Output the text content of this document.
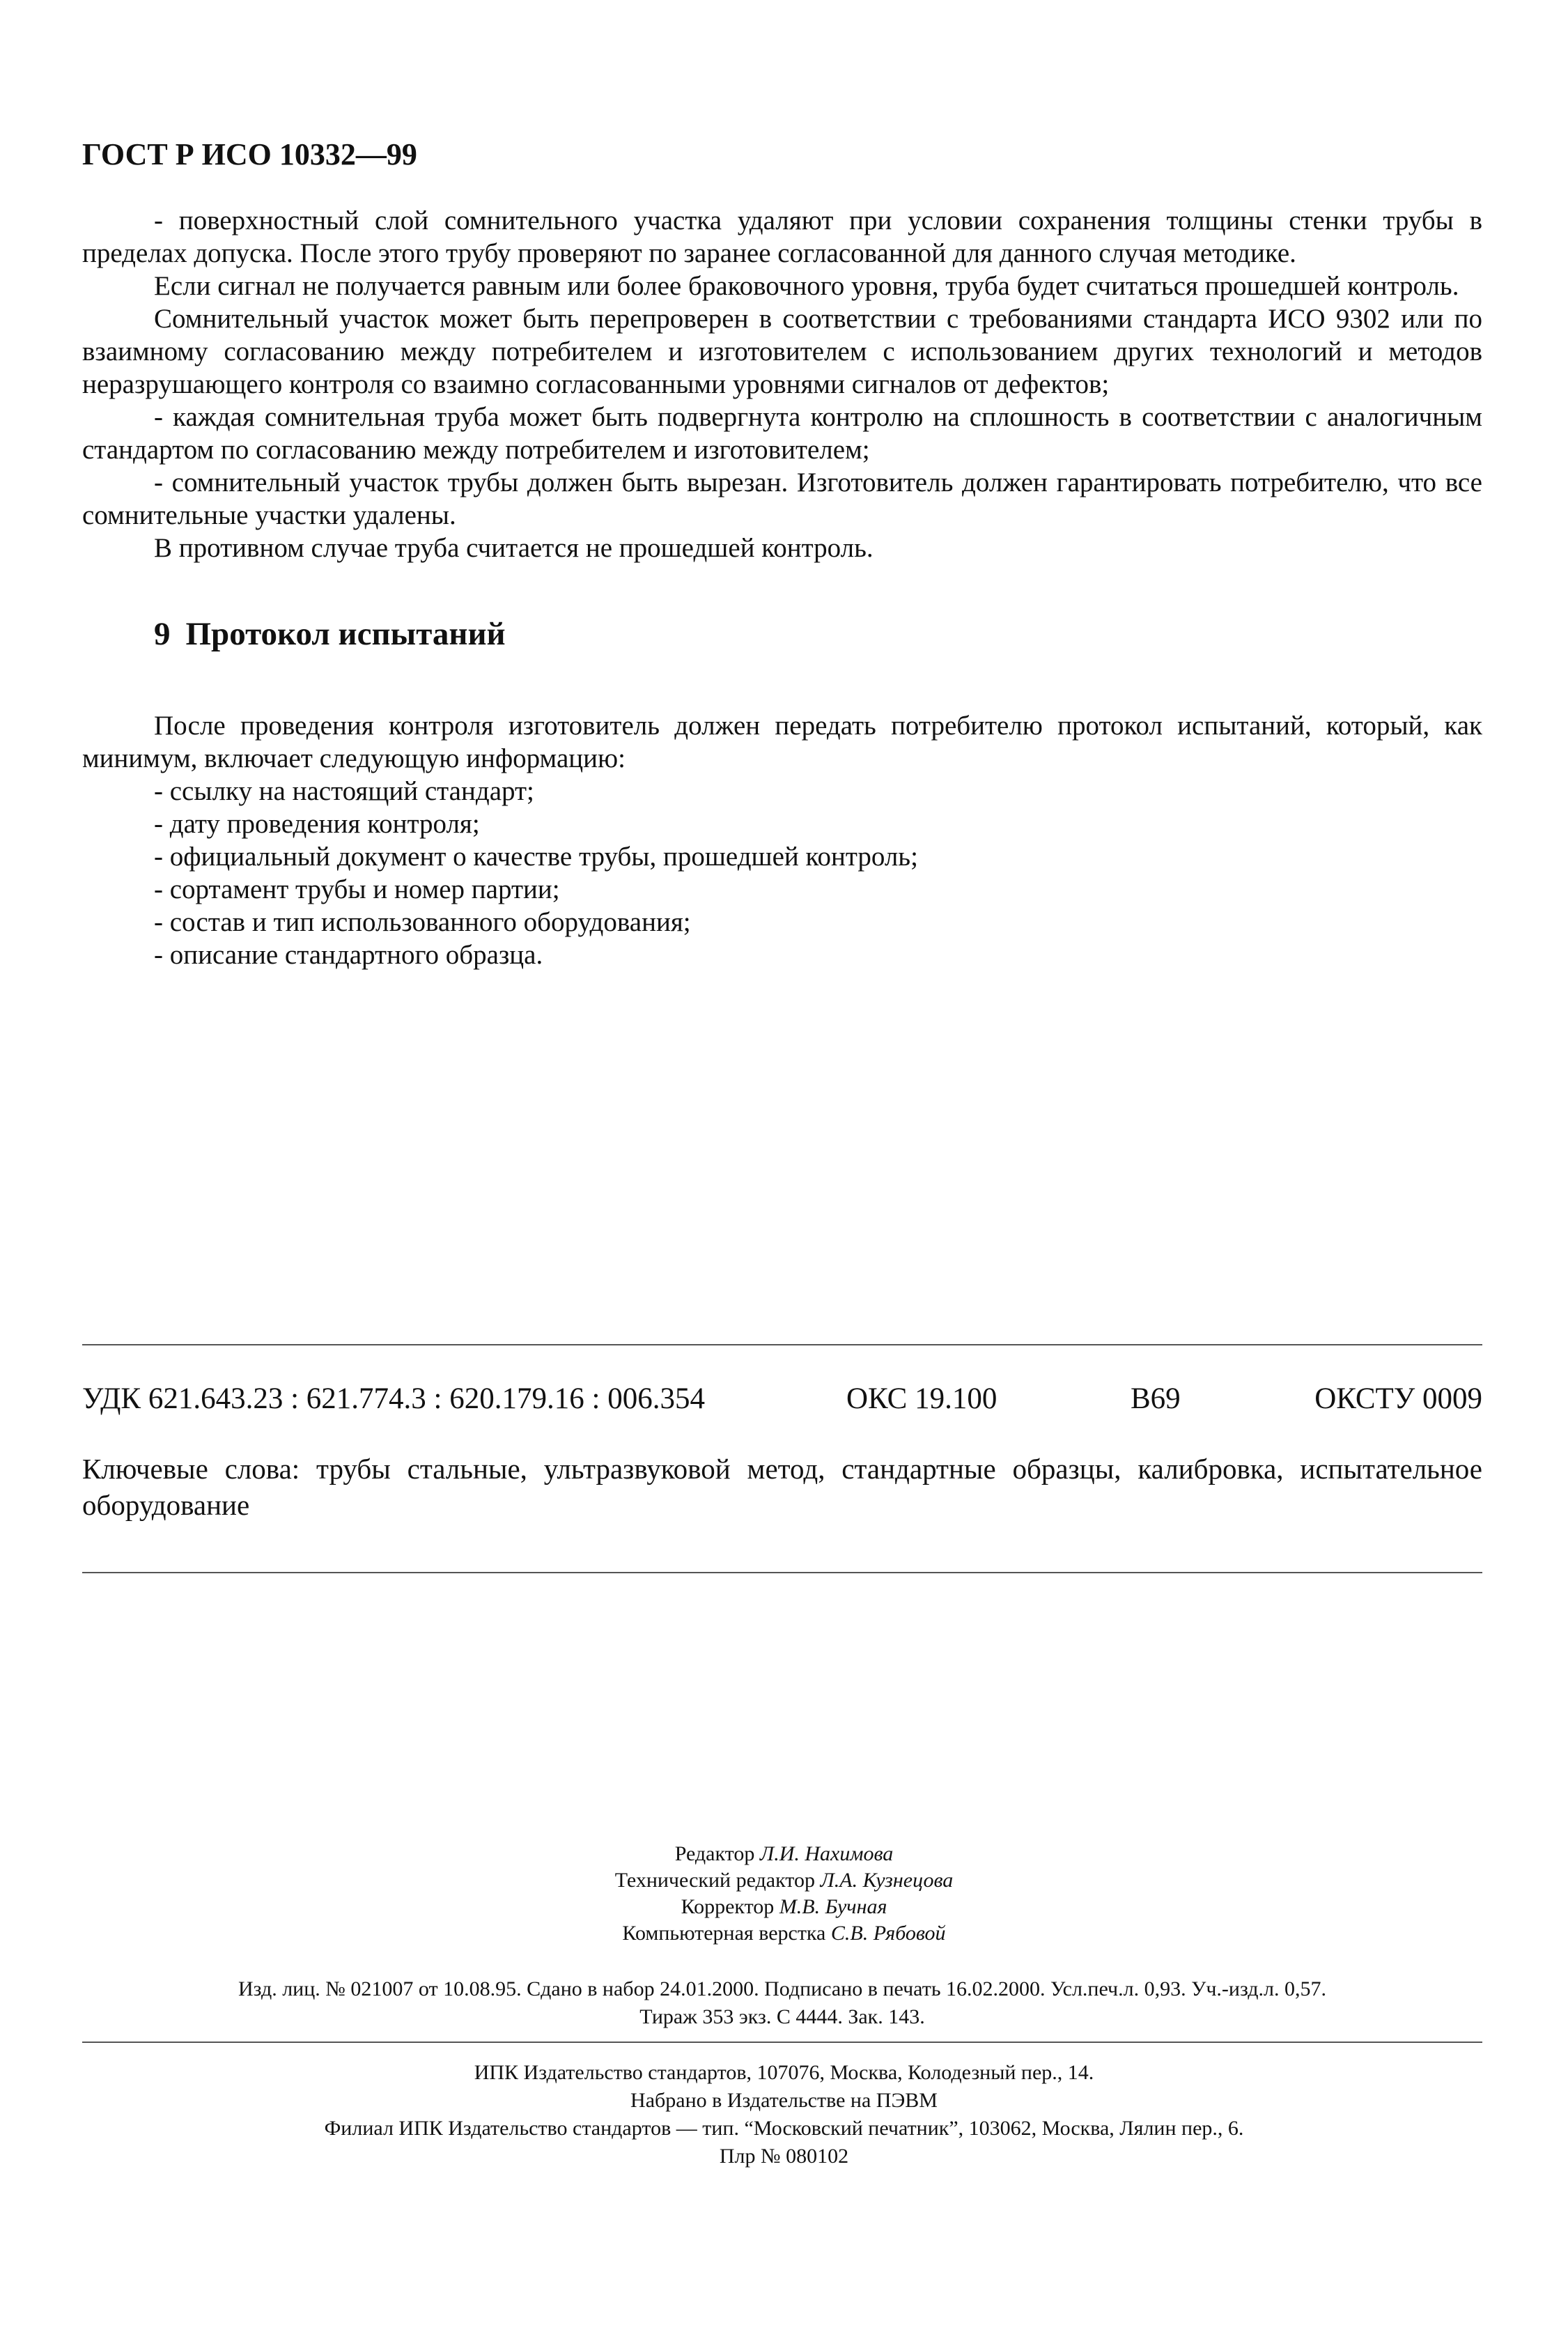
ГОСТ Р ИСО 10332—99

- поверхностный слой сомнительного участка удаляют при условии сохранения толщины стенки трубы в пределах допуска. После этого трубу проверяют по заранее согласованной для данного случая методике.

Если сигнал не получается равным или более браковочного уровня, труба будет считаться прошедшей контроль.

Сомнительный участок может быть перепроверен в соответствии с требованиями стандарта ИСО 9302 или по взаимному согласованию между потребителем и изготовителем с использованием других технологий и методов неразрушающего контроля со взаимно согласованными уровнями сигналов от дефектов;

- каждая сомнительная труба может быть подвергнута контролю на сплошность в соответствии с аналогичным стандартом по согласованию между потребителем и изготовителем;

- сомнительный участок трубы должен быть вырезан. Изготовитель должен гарантировать потребителю, что все сомнительные участки удалены.

В противном случае труба считается не прошедшей контроль.

9 Протокол испытаний

После проведения контроля изготовитель должен передать потребителю протокол испытаний, который, как минимум, включает следующую информацию:

- ссылку на настоящий стандарт;
- дату проведения контроля;
- официальный документ о качестве трубы, прошедшей контроль;
- сортамент трубы и номер партии;
- состав и тип использованного оборудования;
- описание стандартного образца.
УДК 621.643.23 : 621.774.3 : 620.179.16 : 006.354	ОКС 19.100	В69	ОКСТУ 0009

Ключевые слова: трубы стальные, ультразвуковой метод, стандартные образцы, калибровка, испытательное оборудование

Редактор Л.И. Нахимова
Технический редактор Л.А. Кузнецова
Корректор М.В. Бучная
Компьютерная верстка С.В. Рябовой
Изд. лиц. № 021007 от 10.08.95. Сдано в набор 24.01.2000. Подписано в печать 16.02.2000. Усл.печ.л. 0,93. Уч.-изд.л. 0,57.
Тираж 353 экз. С 4444. Зак. 143.
ИПК Издательство стандартов, 107076, Москва, Колодезный пер., 14.
Набрано в Издательстве на ПЭВМ
Филиал ИПК Издательство стандартов — тип. “Московский печатник”, 103062, Москва, Лялин пер., 6.
Плр № 080102
